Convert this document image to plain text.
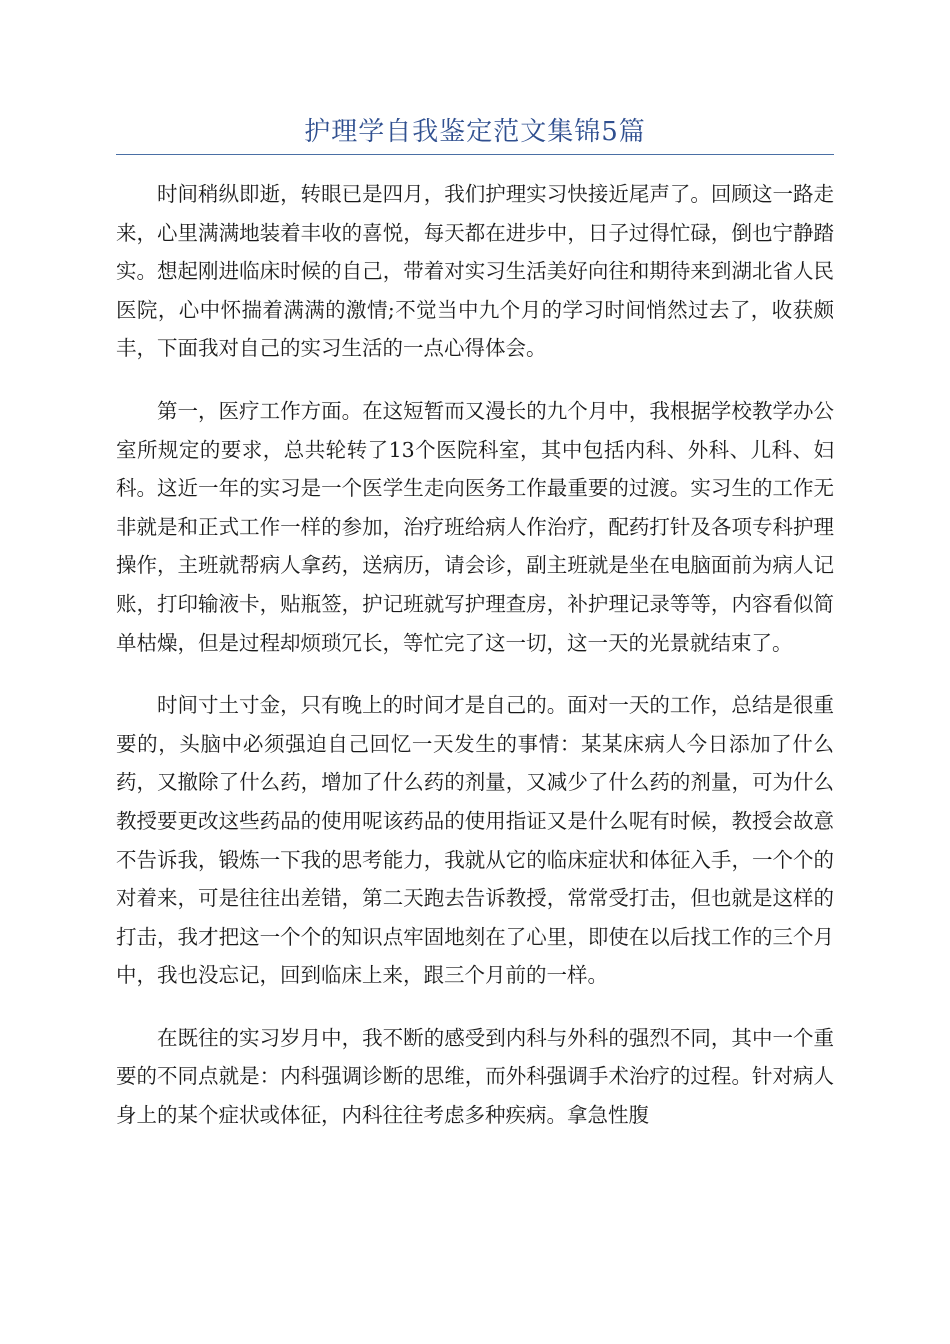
护理学自我鉴定范文集锦5篇

时间稍纵即逝，转眼已是四月，我们护理实习快接近尾声了。回顾这一路走来，心里满满地装着丰收的喜悦，每天都在进步中，日子过得忙碌，倒也宁静踏实。想起刚进临床时候的自己，带着对实习生活美好向往和期待来到湖北省人民医院，心中怀揣着满满的激情;不觉当中九个月的学习时间悄然过去了，收获颇丰，下面我对自己的实习生活的一点心得体会。

第一，医疗工作方面。在这短暂而又漫长的九个月中，我根据学校教学办公室所规定的要求，总共轮转了13个医院科室，其中包括内科、外科、儿科、妇科。这近一年的实习是一个医学生走向医务工作最重要的过渡。实习生的工作无非就是和正式工作一样的参加，治疗班给病人作治疗，配药打针及各项专科护理操作，主班就帮病人拿药，送病历，请会诊，副主班就是坐在电脑面前为病人记账，打印输液卡，贴瓶签，护记班就写护理查房，补护理记录等等，内容看似简单枯燥，但是过程却烦琐冗长，等忙完了这一切，这一天的光景就结束了。

时间寸土寸金，只有晚上的时间才是自己的。面对一天的工作，总结是很重要的，头脑中必须强迫自己回忆一天发生的事情：某某床病人今日添加了什么药，又撤除了什么药，增加了什么药的剂量，又减少了什么药的剂量，可为什么教授要更改这些药品的使用呢该药品的使用指证又是什么呢有时候，教授会故意不告诉我，锻炼一下我的思考能力，我就从它的临床症状和体征入手，一个个的对着来，可是往往出差错，第二天跑去告诉教授，常常受打击，但也就是这样的打击，我才把这一个个的知识点牢固地刻在了心里，即使在以后找工作的三个月中，我也没忘记，回到临床上来，跟三个月前的一样。

在既往的实习岁月中，我不断的感受到内科与外科的强烈不同，其中一个重要的不同点就是：内科强调诊断的思维，而外科强调手术治疗的过程。针对病人身上的某个症状或体征，内科往往考虑多种疾病。拿急性腹
